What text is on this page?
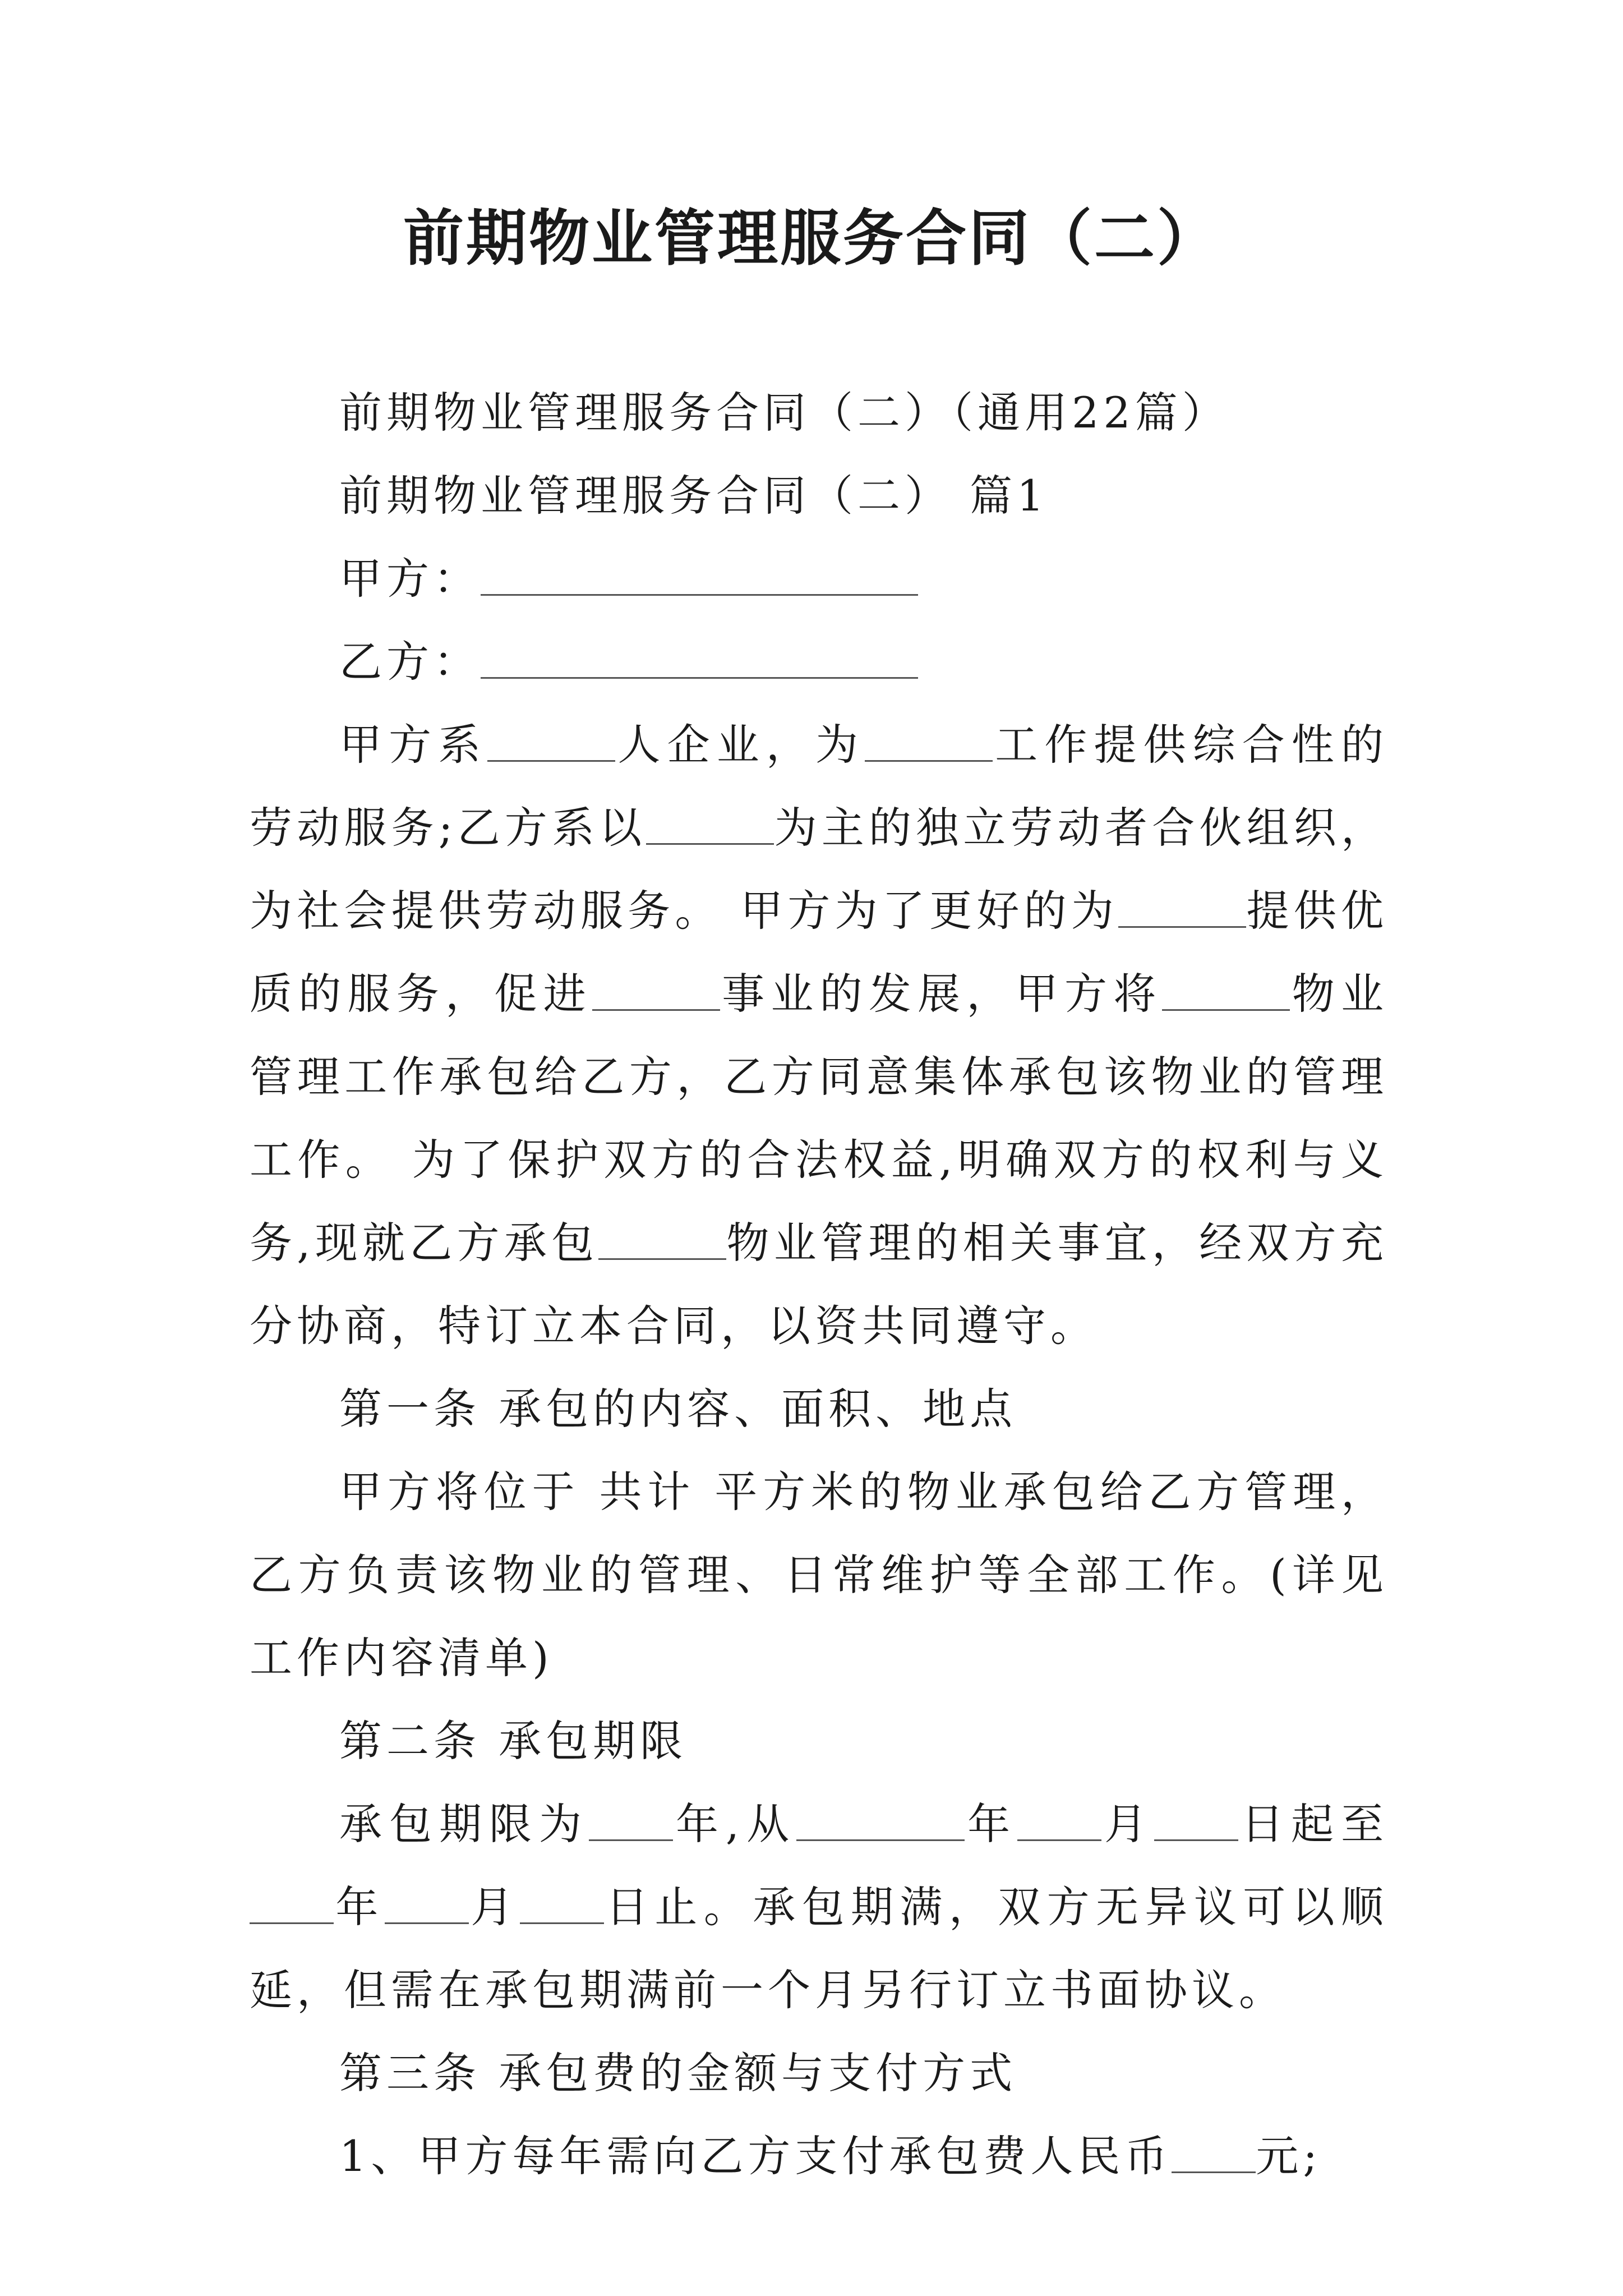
前期物业管理服务合同（二）

前期物业管理服务合同（二）（通用22篇）

前期物业管理服务合同（二） 篇1

甲方：

乙方：

甲方系	人企业，为	工作提供综合性的劳动服务;乙方系以	为主的独立劳动者合伙组织，为社会提供劳动服务。 甲方为了更好的为	提供优质的服务，促进	事业的发展，甲方将	物业管理工作承包给乙方，乙方同意集体承包该物业的管理工作。 为了保护双方的合法权益,明确双方的权利与义务,现就乙方承包	物业管理的相关事宜，经双方充分协商，特订立本合同，以资共同遵守。

第一条 承包的内容、面积、地点

甲方将位于 共计 平方米的物业承包给乙方管理，乙方负责该物业的管理、日常维护等全部工作。(详见工作内容清单)

第二条 承包期限

承包期限为 年,从	年 月 日起至年 月 日止。承包期满，双方无异议可以顺延，但需在承包期满前一个月另行订立书面协议。

第三条 承包费的金额与支付方式

1、甲方每年需向乙方支付承包费人民币 元;
